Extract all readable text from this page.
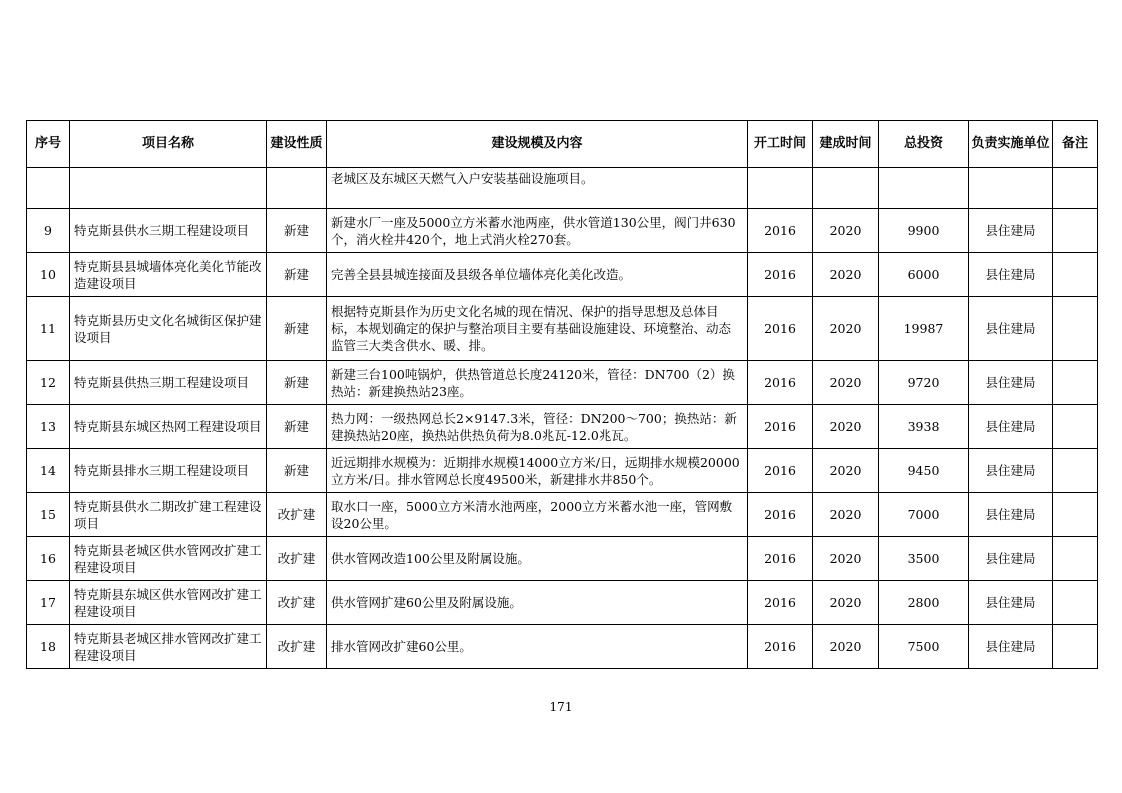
序号	项目名称	建设性质	建设规模及内容	开工时间	建成时间	总投资	负责实施单位	备注
			老城区及东城区天燃气入户安装基础设施项目。					
9	特克斯县供水三期工程建设项目	新建	新建水厂一座及5000立方米蓄水池两座，供水管道130公里，阀门井630个，消火栓井420个，地上式消火栓270套。	2016	2020	9900	县住建局	
10	特克斯县县城墙体亮化美化节能改造建设项目	新建	完善全县县城连接面及县级各单位墙体亮化美化改造。	2016	2020	6000	县住建局	
11	特克斯县历史文化名城街区保护建设项目	新建	根据特克斯县作为历史文化名城的现在情况、保护的指导思想及总体目标，本规划确定的保护与整治项目主要有基础设施建设、环境整治、动态监管三大类含供水、暖、排。	2016	2020	19987	县住建局	
12	特克斯县供热三期工程建设项目	新建	新建三台100吨锅炉，供热管道总长度24120米，管径：DN700（2）换热站：新建换热站23座。	2016	2020	9720	县住建局	
13	特克斯县东城区热网工程建设项目	新建	热力网：一级热网总长2×9147.3米，管径：DN200～700；换热站：新建换热站20座，换热站供热负荷为8.0兆瓦-12.0兆瓦。	2016	2020	3938	县住建局	
14	特克斯县排水三期工程建设项目	新建	近远期排水规模为：近期排水规模14000立方米/日，远期排水规模20000立方米/日。排水管网总长度49500米，新建排水井850个。	2016	2020	9450	县住建局	
15	特克斯县供水二期改扩建工程建设项目	改扩建	取水口一座，5000立方米清水池两座，2000立方米蓄水池一座，管网敷设20公里。	2016	2020	7000	县住建局	
16	特克斯县老城区供水管网改扩建工程建设项目	改扩建	供水管网改造100公里及附属设施。	2016	2020	3500	县住建局	
17	特克斯县东城区供水管网改扩建工程建设项目	改扩建	供水管网扩建60公里及附属设施。	2016	2020	2800	县住建局	
18	特克斯县老城区排水管网改扩建工程建设项目	改扩建	排水管网改扩建60公里。	2016	2020	7500	县住建局	
171
